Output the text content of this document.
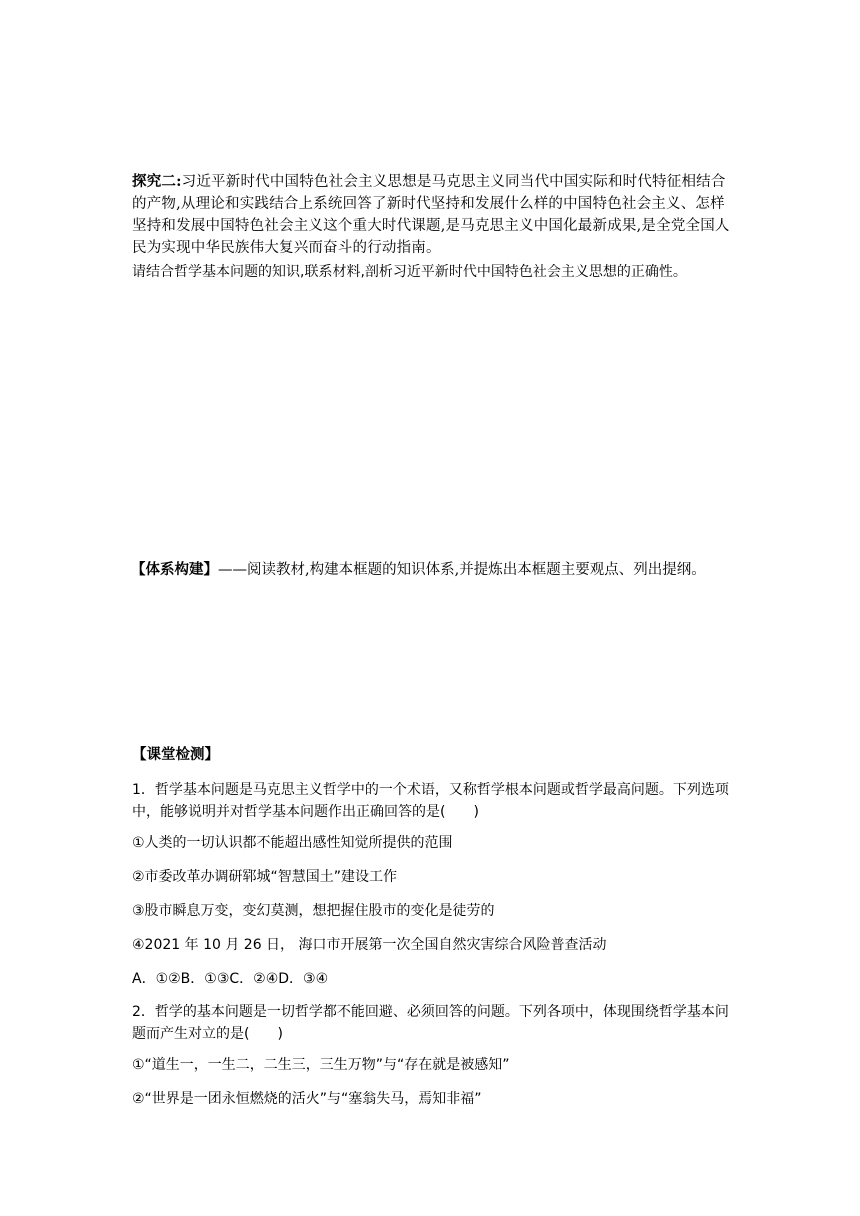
探究二:习近平新时代中国特色社会主义思想是马克思主义同当代中国实际和时代特征相结合的产物,从理论和实践结合上系统回答了新时代坚持和发展什么样的中国特色社会主义、怎样坚持和发展中国特色社会主义这个重大时代课题,是马克思主义中国化最新成果,是全党全国人民为实现中华民族伟大复兴而奋斗的行动指南。

请结合哲学基本问题的知识,联系材料,剖析习近平新时代中国特色社会主义思想的正确性。

【体系构建】——阅读教材,构建本框题的知识体系,并提炼出本框题主要观点、列出提纲。

【课堂检测】

1．哲学基本问题是马克思主义哲学中的一个术语，又称哲学根本问题或哲学最高问题。下列选项中，能够说明并对哲学基本问题作出正确回答的是(　　)

①人类的一切认识都不能超出感性知觉所提供的范围

②市委改革办调研郓城“智慧国土”建设工作

③股市瞬息万变，变幻莫测，想把握住股市的变化是徒劳的

④2021 年 10 月 26 日， 海口市开展第一次全国自然灾害综合风险普查活动

A．①②B．①③C．②④D．③④

2．哲学的基本问题是一切哲学都不能回避、必须回答的问题。下列各项中，体现围绕哲学基本问题而产生对立的是(　　)

①“道生一，一生二，二生三，三生万物”与“存在就是被感知”

②“世界是一团永恒燃烧的活火”与“塞翁失马，焉知非福”
